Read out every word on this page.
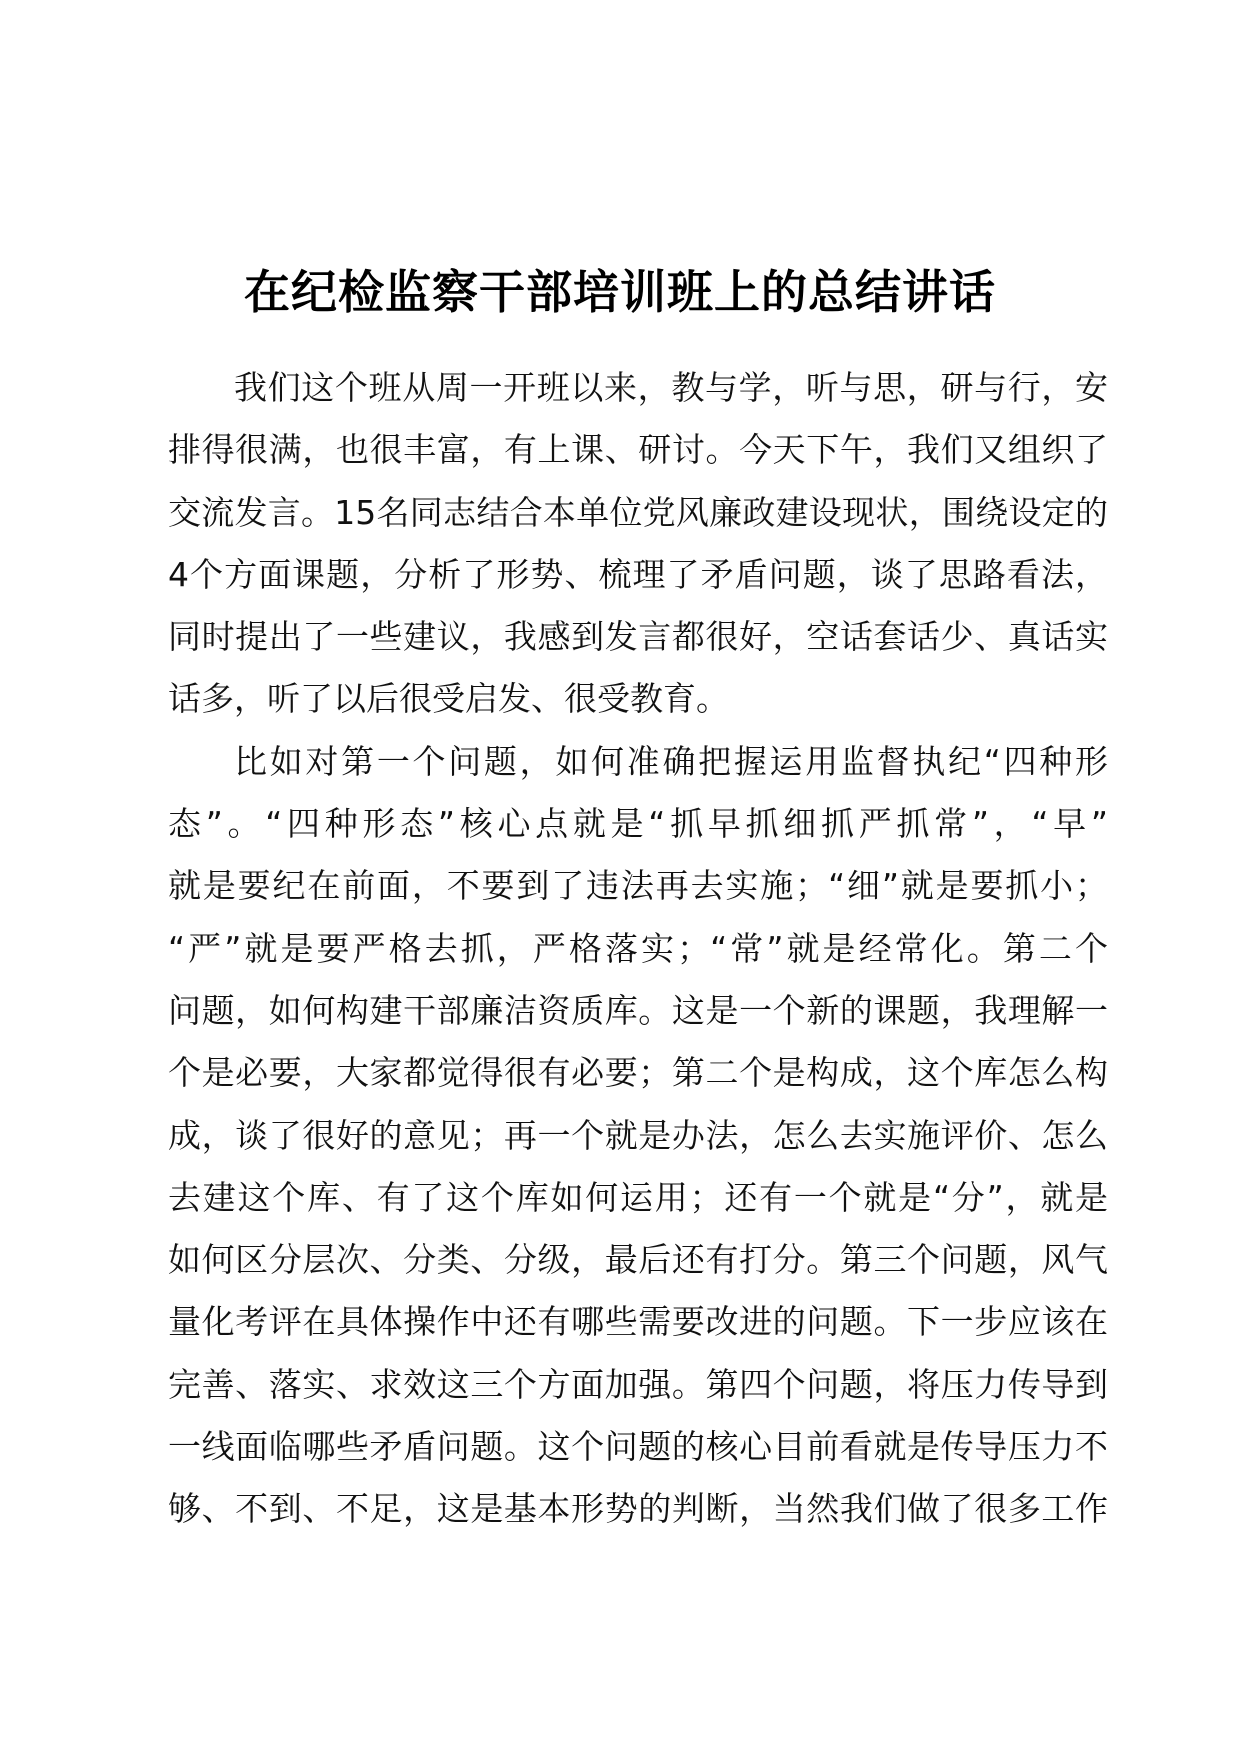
在纪检监察干部培训班上的总结讲话
我们这个班从周一开班以来，教与学，听与思，研与行，安
排得很满，也很丰富，有上课、研讨。今天下午，我们又组织了
交流发言。15名同志结合本单位党风廉政建设现状，围绕设定的
4个方面课题，分析了形势、梳理了矛盾问题，谈了思路看法，
同时提出了一些建议，我感到发言都很好，空话套话少、真话实
话多，听了以后很受启发、很受教育。
比如对第一个问题，如何准确把握运用监督执纪“四种形
态”。“四种形态”核心点就是“抓早抓细抓严抓常”，“早”
就是要纪在前面，不要到了违法再去实施；“细”就是要抓小；
“严”就是要严格去抓，严格落实；“常”就是经常化。第二个
问题，如何构建干部廉洁资质库。这是一个新的课题，我理解一
个是必要，大家都觉得很有必要；第二个是构成，这个库怎么构
成，谈了很好的意见；再一个就是办法，怎么去实施评价、怎么
去建这个库、有了这个库如何运用；还有一个就是“分”，就是
如何区分层次、分类、分级，最后还有打分。第三个问题，风气
量化考评在具体操作中还有哪些需要改进的问题。下一步应该在
完善、落实、求效这三个方面加强。第四个问题，将压力传导到
一线面临哪些矛盾问题。这个问题的核心目前看就是传导压力不
够、不到、不足，这是基本形势的判断，当然我们做了很多工作
